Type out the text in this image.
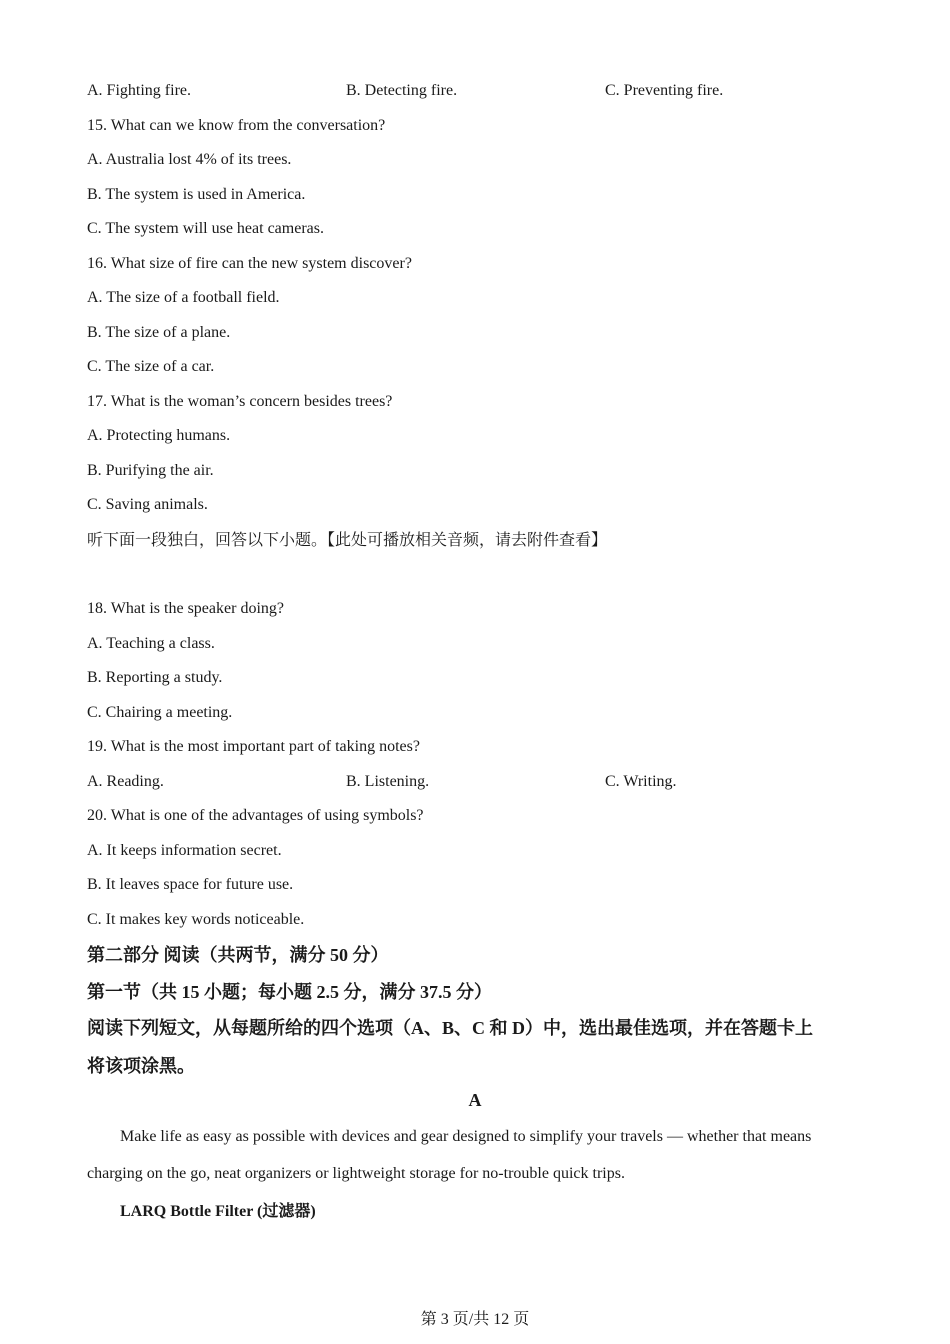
A. Fighting fire.	B. Detecting fire.	C. Preventing fire.
15. What can we know from the conversation?
A. Australia lost 4% of its trees.
B. The system is used in America.
C. The system will use heat cameras.
16. What size of fire can the new system discover?
A. The size of a football field.
B. The size of a plane.
C. The size of a car.
17. What is the woman’s concern besides trees?
A. Protecting humans.
B. Purifying the air.
C. Saving animals.
听下面一段独白，回答以下小题。【此处可播放相关音频，请去附件查看】
18. What is the speaker doing?
A. Teaching a class.
B. Reporting a study.
C. Chairing a meeting.
19. What is the most important part of taking notes?
A. Reading.	B. Listening.	C. Writing.
20. What is one of the advantages of using symbols?
A. It keeps information secret.
B. It leaves space for future use.
C. It makes key words noticeable.
第二部分 阅读（共两节，满分 50 分）
第一节（共 15 小题；每小题 2.5 分，满分 37.5 分）
阅读下列短文，从每题所给的四个选项（A、B、C 和 D）中，选出最佳选项，并在答题卡上
将该项涂黑。
A
Make life as easy as possible with devices and gear designed to simplify your travels — whether that means charging on the go, neat organizers or lightweight storage for no-trouble quick trips.
LARQ Bottle Filter (过滤器)
第 3 页/共 12 页
